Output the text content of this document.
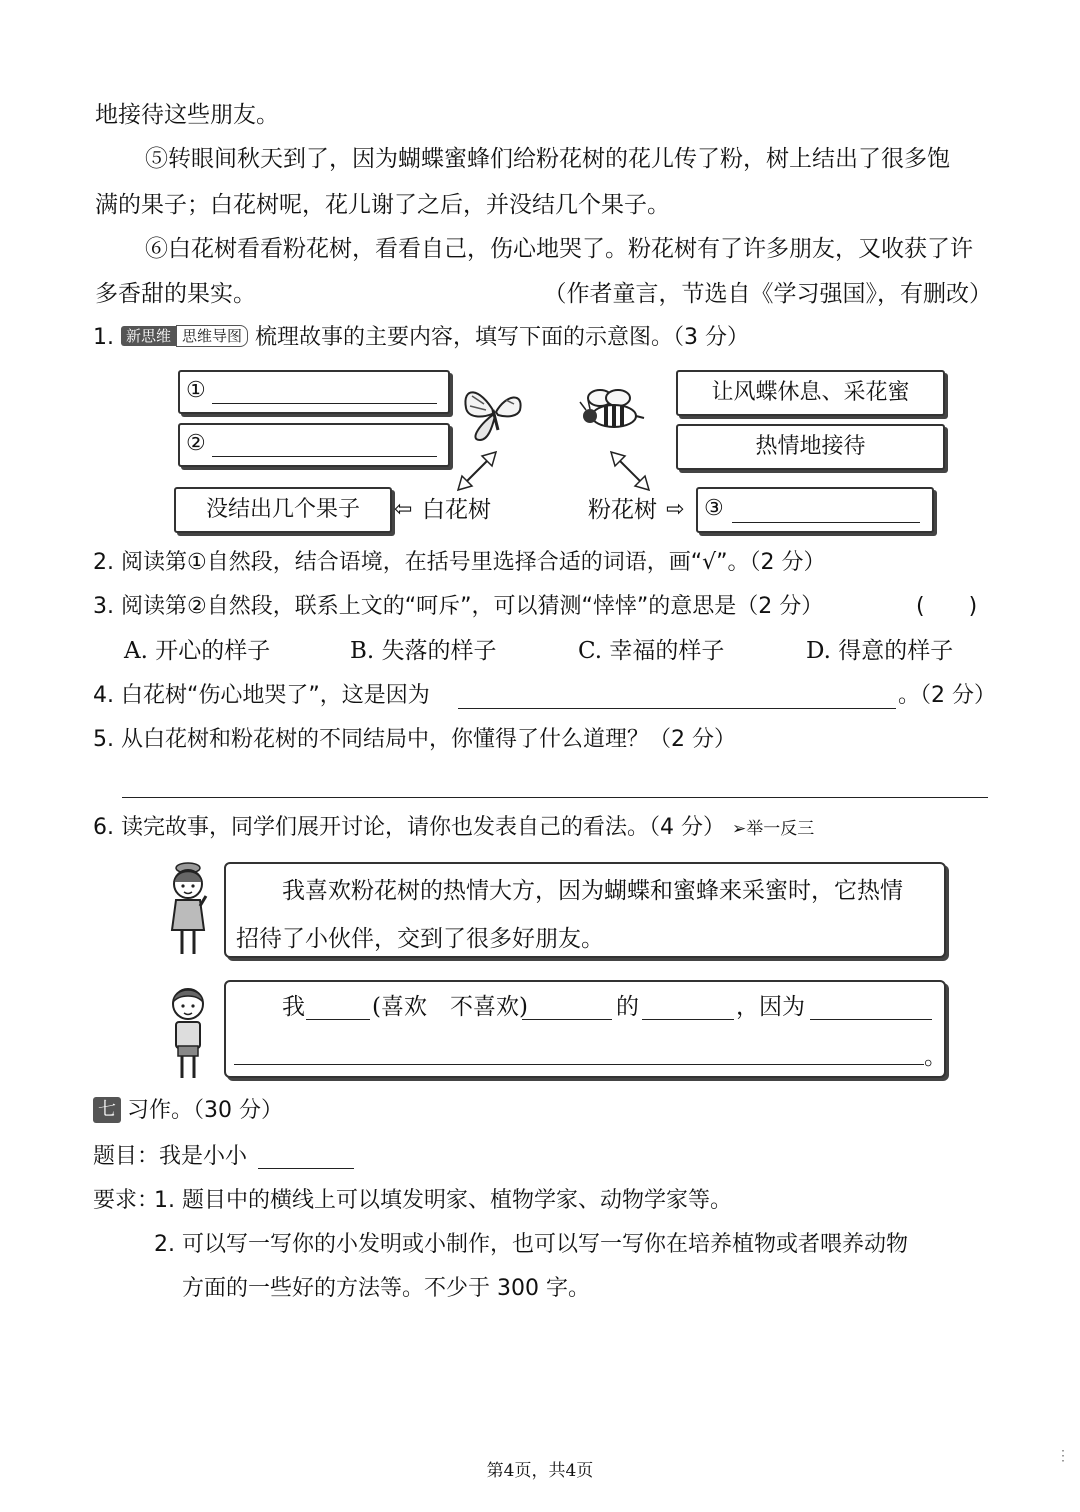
地接待这些朋友。
⑤转眼间秋天到了，因为蝴蝶蜜蜂们给粉花树的花儿传了粉，树上结出了很多饱
满的果子；白花树呢，花儿谢了之后，并没结几个果子。
⑥白花树看看粉花树，看看自己，伤心地哭了。粉花树有了许多朋友，又收获了许
多香甜的果实。	（作者童言，节选自《学习强国》，有删改）
1. 新思维 思维导图 梳理故事的主要内容，填写下面的示意图。（3 分）
①
②
让风蝶休息、采花蜜
热情地接待
没结出几个果子	⇦ 白花树	粉花树 ⇨ ③
2. 阅读第①自然段，结合语境，在括号里选择合适的词语，画“√”。（2 分）
3. 阅读第②自然段，联系上文的“呵斥”，可以猜测“悻悻”的意思是（2 分）	(　　)
A. 开心的样子	B. 失落的样子	C. 幸福的样子	D. 得意的样子
4. 白花树“伤心地哭了”，这是因为	。（2 分）
5. 从白花树和粉花树的不同结局中，你懂得了什么道理？（2 分）
6. 读完故事，同学们展开讨论，请你也发表自己的看法。（4 分） ➢举一反三
我喜欢粉花树的热情大方，因为蝴蝶和蜜蜂来采蜜时，它热情
招待了小伙伴，交到了很多好朋友。
我	(喜欢　不喜欢)	的	，因为
。
七 习作。（30 分）
题目：我是小小
要求：
1. 题目中的横线上可以填发明家、植物学家、动物学家等。
2. 可以写一写你的小发明或小制作，也可以写一写你在培养植物或者喂养动物
方面的一些好的方法等。不少于 300 字。
第4页，共4页
⋮
